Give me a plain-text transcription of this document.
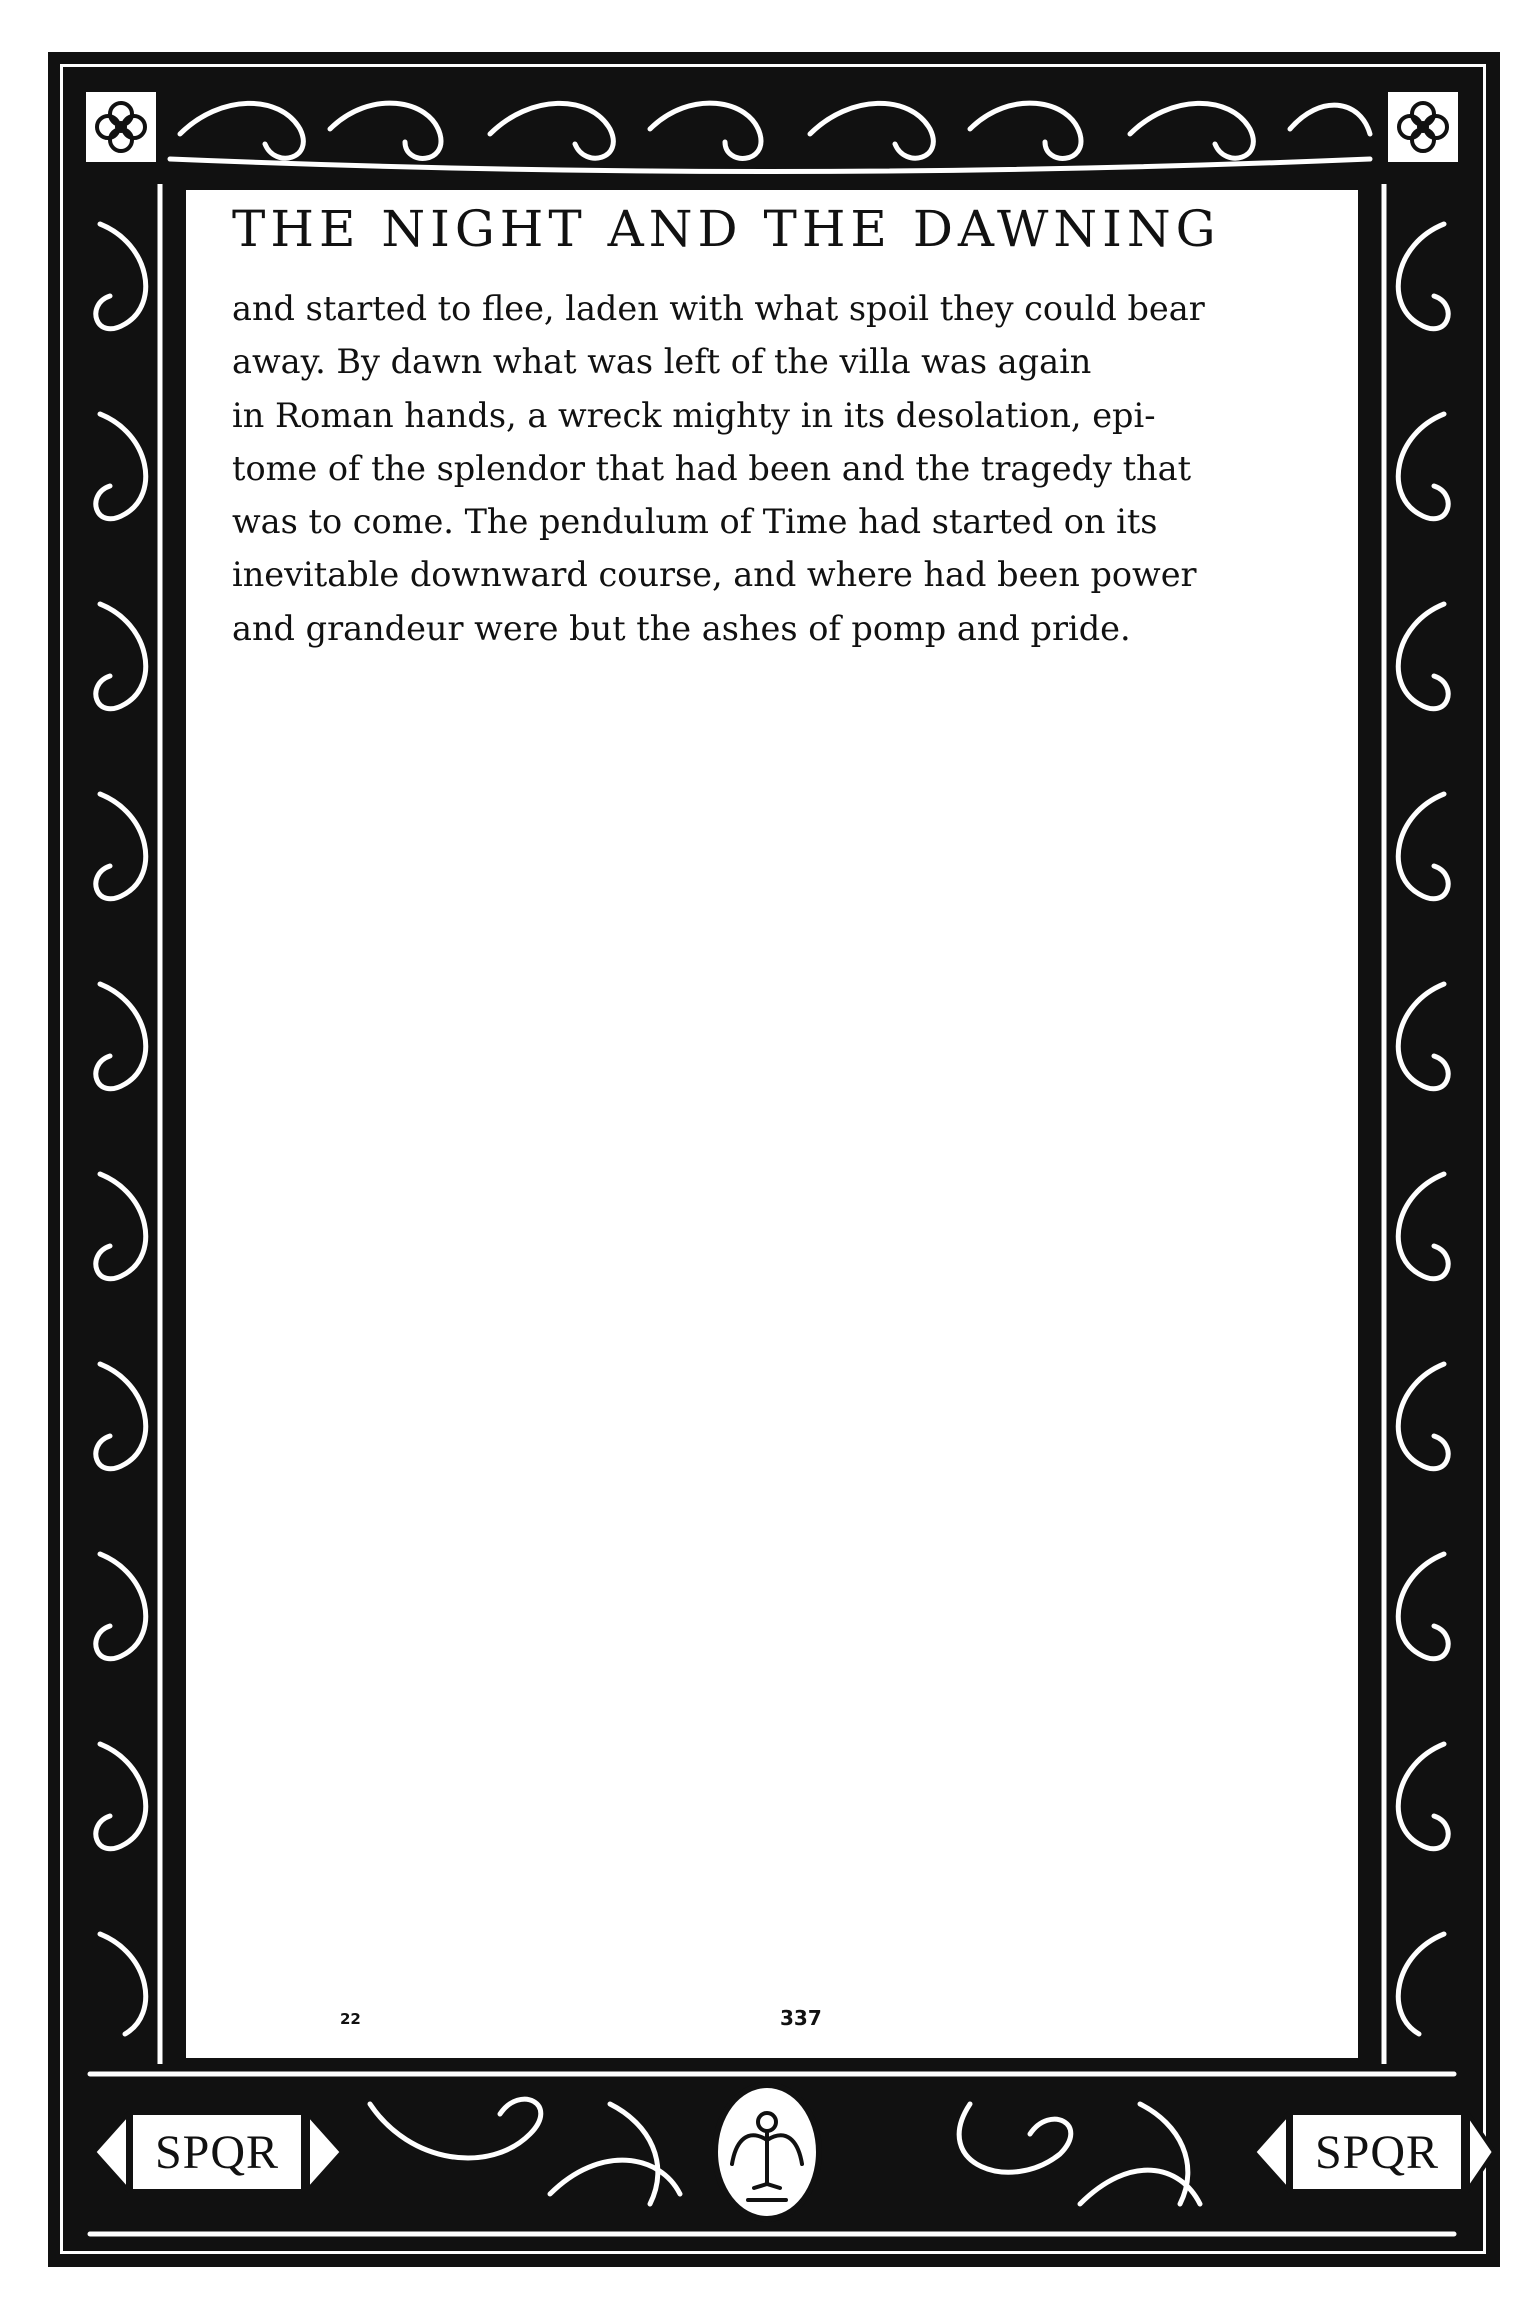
THE NIGHT AND THE DAWNING
and started to flee, laden with what spoil they could bear
away. By dawn what was left of the villa was again
in Roman hands, a wreck mighty in its desolation, epi-
tome of the splendor that had been and the tragedy that
was to come. The pendulum of Time had started on its
inevitable downward course, and where had been power
and grandeur were but the ashes of pomp and pride.
22	337
SPQR	SPQR
